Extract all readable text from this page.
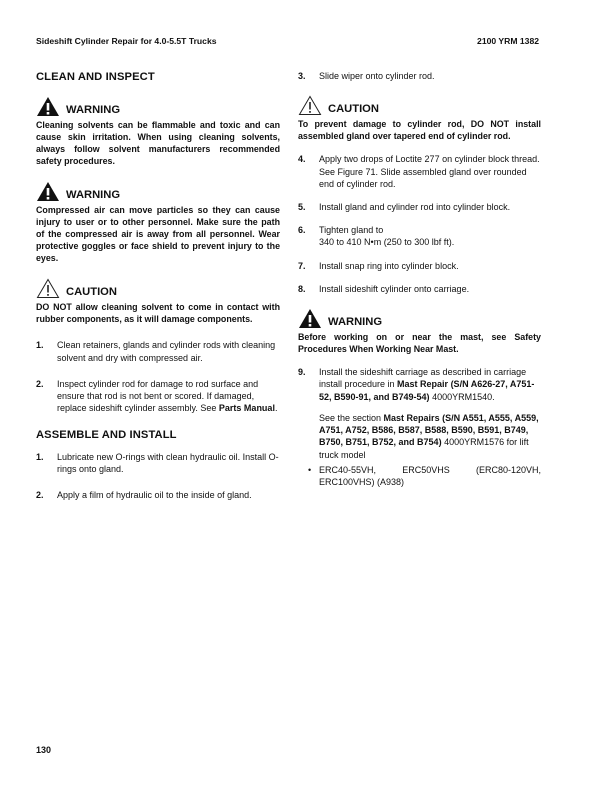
Sideshift Cylinder Repair for 4.0-5.5T Trucks	2100 YRM 1382

CLEAN AND INSPECT

WARNING

Cleaning solvents can be flammable and toxic and can cause skin irritation. When using cleaning solvents, always follow solvent manufacturers recommended safety procedures.

WARNING

Compressed air can move particles so they can cause injury to user or to other personnel. Make sure the path of the compressed air is away from all personnel. Wear protective goggles or face shield to prevent injury to the eyes.

CAUTION

DO NOT allow cleaning solvent to come in contact with rubber components, as it will damage components.

1.	Clean retainers, glands and cylinder rods with cleaning solvent and dry with compressed air.
2.	Inspect cylinder rod for damage to rod surface and ensure that rod is not bent or scored. If damaged, replace sideshift cylinder assembly. See Parts Manual.

ASSEMBLE AND INSTALL

1.	Lubricate new O-rings with clean hydraulic oil. Install O-rings onto gland.
2.	Apply a film of hydraulic oil to the inside of gland.
3.	Slide wiper onto cylinder rod.
CAUTION

To prevent damage to cylinder rod, DO NOT install assembled gland over tapered end of cylinder rod.

4.	Apply two drops of Loctite 277 on cylinder block thread. See Figure 71. Slide assembled gland over rounded end of cylinder rod.
5.	Install gland and cylinder rod into cylinder block.
6.	Tighten gland to
340 to 410 N•m (250 to 300 lbf ft).
7.	Install snap ring into cylinder block.
8.	Install sideshift cylinder onto carriage.
WARNING

Before working on or near the mast, see Safety Procedures When Working Near Mast.

9.	Install the sideshift carriage as described in carriage install procedure in Mast Repair (S/N A626-27, A751-52, B590-91, and B749-54) 4000YRM1540.
See the section Mast Repairs (S/N A551, A555, A559, A751, A752, B586, B587, B588, B590, B591, B749, B750, B751, B752, and B754) 4000YRM1576 for lift truck model
• ERC40-55VH, ERC50VHS (ERC80-120VH,
ERC100VHS) (A938)
130
